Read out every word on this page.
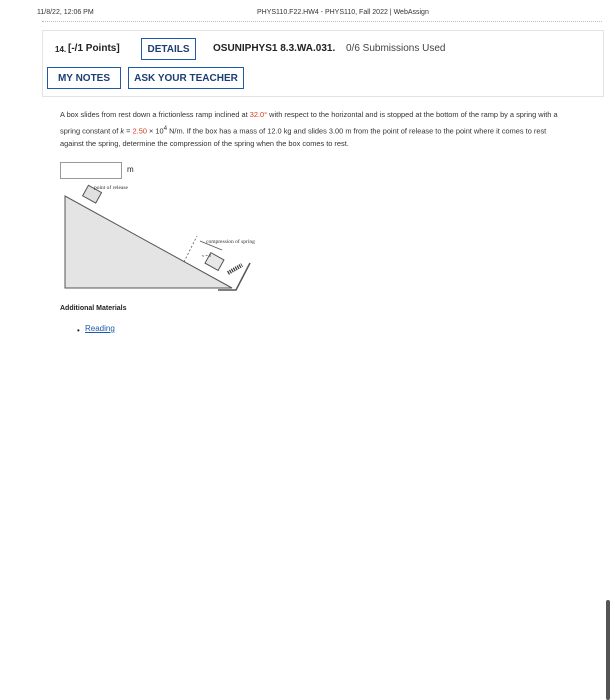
11/8/22, 12:06 PM	PHYS110.F22.HW4 - PHYS110, Fall 2022 | WebAssign
14. [-/1 Points]	DETAILS	OSUNIPHYS1 8.3.WA.031. 0/6 Submissions Used
MY NOTES	ASK YOUR TEACHER
A box slides from rest down a frictionless ramp inclined at 32.0° with respect to the horizontal and is stopped at the bottom of the ramp by a spring with a spring constant of $k = 2.50 \times 10^4$ N/m. If the box has a mass of 12.0 kg and slides 3.00 m from the point of release to the point where it comes to rest against the spring, determine the compression of the spring when the box comes to rest.
m
point of release
v = 0
compression of spring
Additional Materials
• Reading
